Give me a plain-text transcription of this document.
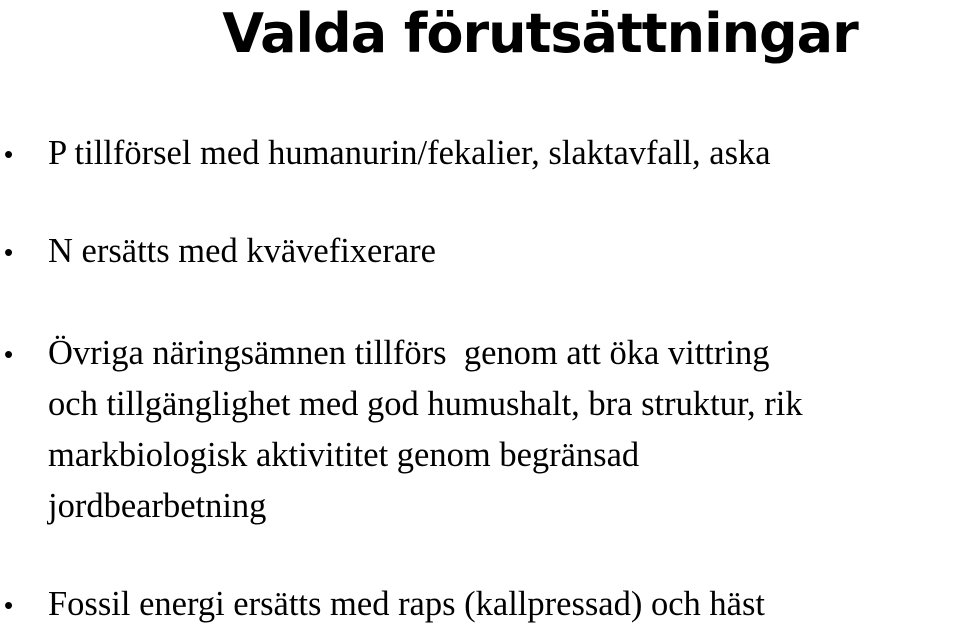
Valda förutsättningar
• P tillförsel med humanurin/fekalier, slaktavfall, aska
• N ersätts med kvävefixerare
• Övriga näringsämnen tillförs  genom att öka vittring
och tillgänglighet med god humushalt, bra struktur, rik
markbiologisk aktivititet genom begränsad
jordbearbetning
• Fossil energi ersätts med raps (kallpressad) och häst
